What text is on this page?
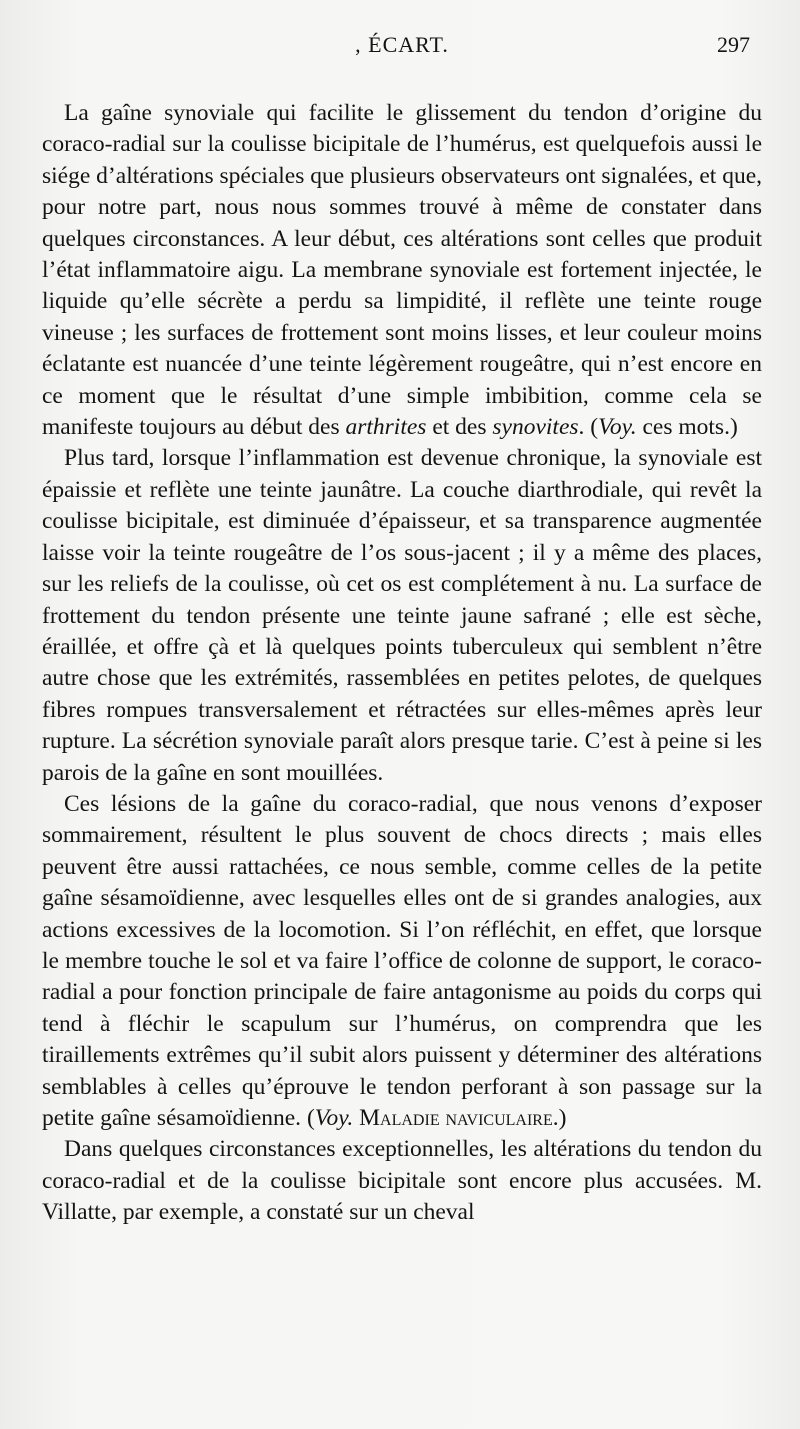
, ÉCART.	297

La gaîne synoviale qui facilite le glissement du tendon d’origine du coraco-radial sur la coulisse bicipitale de l’humérus, est quelquefois aussi le siége d’altérations spéciales que plusieurs observateurs ont signalées, et que, pour notre part, nous nous sommes trouvé à même de constater dans quelques circonstances. A leur début, ces altérations sont celles que produit l’état inflammatoire aigu. La membrane synoviale est fortement injectée, le liquide qu’elle sécrète a perdu sa limpidité, il reflète une teinte rouge vineuse ; les surfaces de frottement sont moins lisses, et leur couleur moins éclatante est nuancée d’une teinte légèrement rougeâtre, qui n’est encore en ce moment que le résultat d’une simple imbibition, comme cela se manifeste toujours au début des arthrites et des synovites. (Voy. ces mots.)

Plus tard, lorsque l’inflammation est devenue chronique, la synoviale est épaissie et reflète une teinte jaunâtre. La couche diarthrodiale, qui revêt la coulisse bicipitale, est diminuée d’épaisseur, et sa transparence augmentée laisse voir la teinte rougeâtre de l’os sous-jacent ; il y a même des places, sur les reliefs de la coulisse, où cet os est complétement à nu. La surface de frottement du tendon présente une teinte jaune safrané ; elle est sèche, éraillée, et offre çà et là quelques points tuberculeux qui semblent n’être autre chose que les extrémités, rassemblées en petites pelotes, de quelques fibres rompues transversalement et rétractées sur elles-mêmes après leur rupture. La sécrétion synoviale paraît alors presque tarie. C’est à peine si les parois de la gaîne en sont mouillées.

Ces lésions de la gaîne du coraco-radial, que nous venons d’exposer sommairement, résultent le plus souvent de chocs directs ; mais elles peuvent être aussi rattachées, ce nous semble, comme celles de la petite gaîne sésamoïdienne, avec lesquelles elles ont de si grandes analogies, aux actions excessives de la locomotion. Si l’on réfléchit, en effet, que lorsque le membre touche le sol et va faire l’office de colonne de support, le coraco-radial a pour fonction principale de faire antagonisme au poids du corps qui tend à fléchir le scapulum sur l’humérus, on comprendra que les tiraillements extrêmes qu’il subit alors puissent y déterminer des altérations semblables à celles qu’éprouve le tendon perforant à son passage sur la petite gaîne sésamoïdienne. (Voy. Maladie naviculaire.)

Dans quelques circonstances exceptionnelles, les altérations du tendon du coraco-radial et de la coulisse bicipitale sont encore plus accusées. M. Villatte, par exemple, a constaté sur un cheval
